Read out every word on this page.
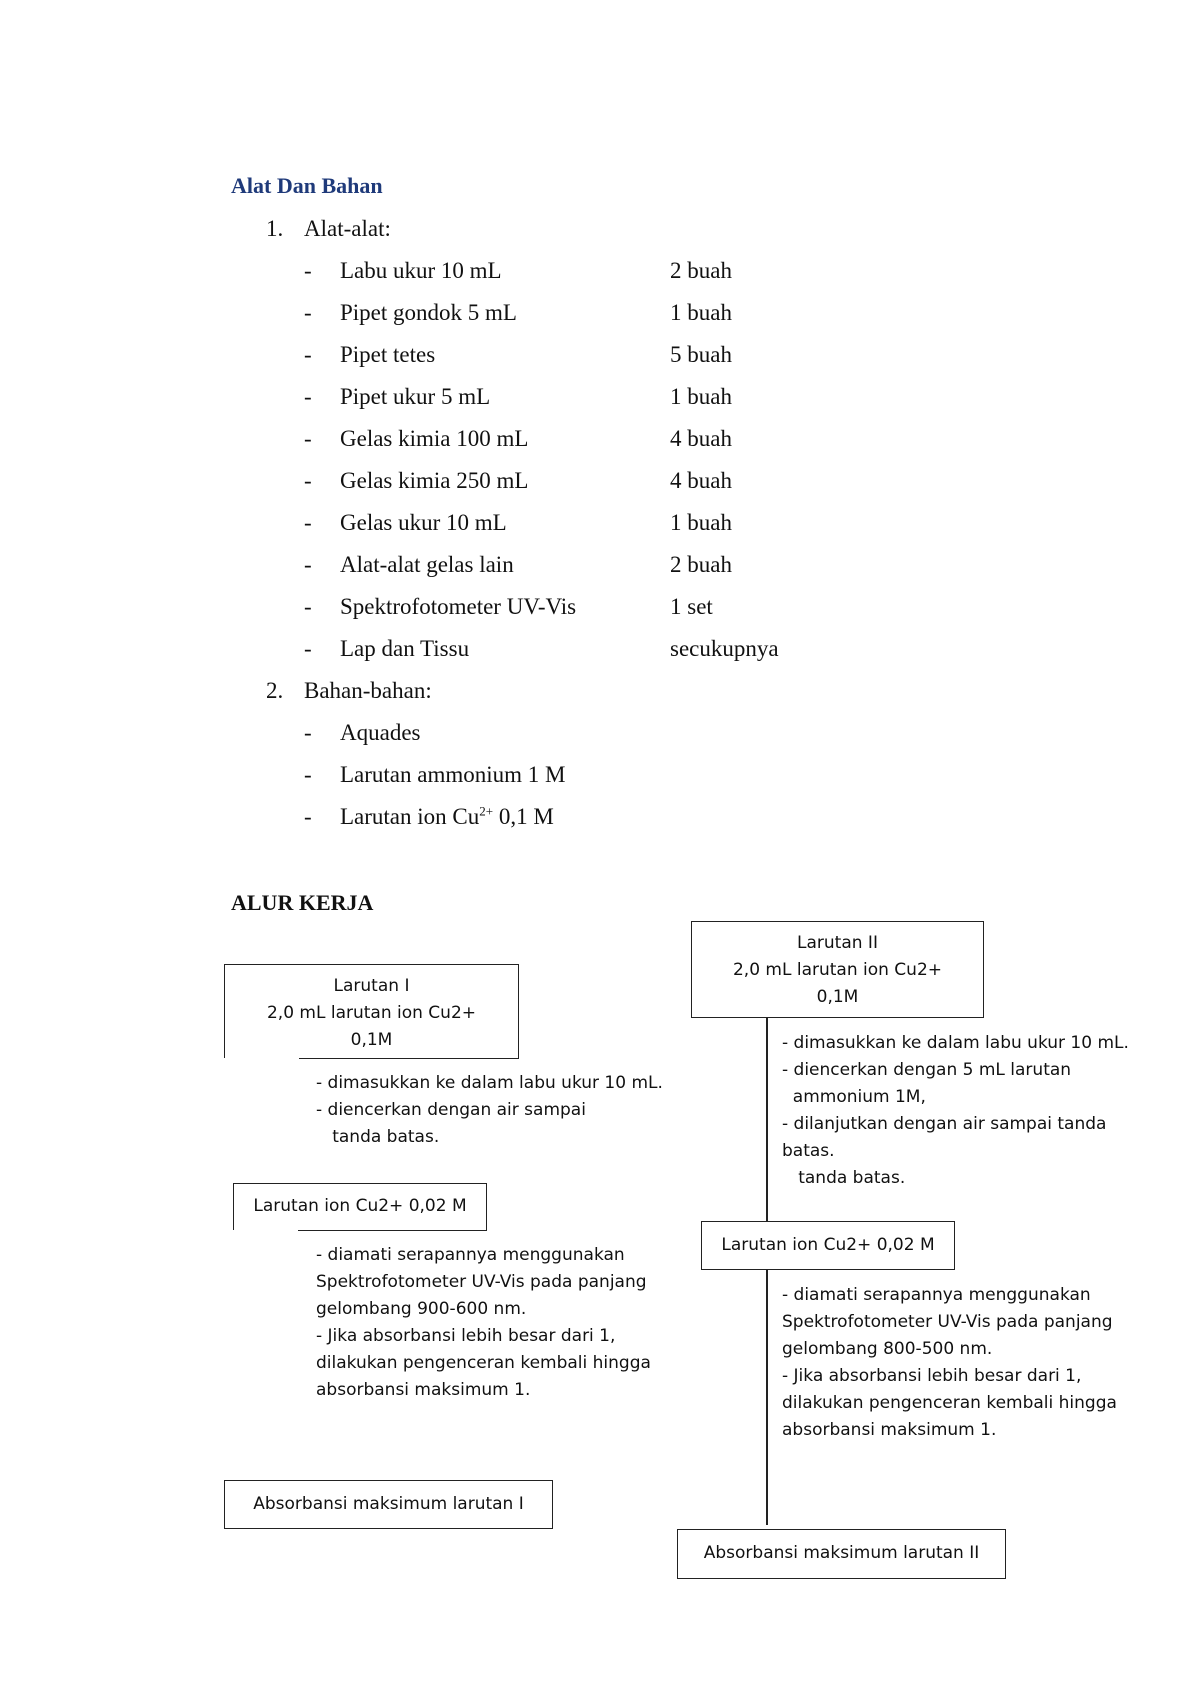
Alat Dan Bahan
1. Alat-alat:
- Labu ukur 10 mL	2 buah
- Pipet gondok 5 mL	1 buah
- Pipet tetes	5 buah
- Pipet ukur 5 mL	1 buah
- Gelas kimia 100 mL	4 buah
- Gelas kimia 250 mL	4 buah
- Gelas ukur 10 mL	1 buah
- Alat-alat gelas lain	2 buah
- Spektrofotometer UV-Vis	1 set
- Lap dan Tissu	secukupnya
2. Bahan-bahan:
- Aquades
- Larutan ammonium 1 M
- Larutan ion $Cu^{2+}$ 0,1 M
ALUR KERJA
Larutan I
2,0 mL larutan ion Cu2+
0,1M
- dimasukkan ke dalam labu ukur 10 mL.
- diencerkan dengan air sampai
tanda batas.
Larutan ion Cu2+ 0,02 M
- diamati serapannya menggunakan
Spektrofotometer UV-Vis pada panjang
gelombang 900-600 nm.
- Jika absorbansi lebih besar dari 1,
dilakukan pengenceran kembali hingga
absorbansi maksimum 1.
Absorbansi maksimum larutan I
Larutan II
2,0 mL larutan ion Cu2+
0,1M
- dimasukkan ke dalam labu ukur 10 mL.
- diencerkan dengan 5 mL larutan
ammonium 1M,
- dilanjutkan dengan air sampai tanda
batas.
tanda batas.
Larutan ion Cu2+ 0,02 M
- diamati serapannya menggunakan
Spektrofotometer UV-Vis pada panjang
gelombang 800-500 nm.
- Jika absorbansi lebih besar dari 1,
dilakukan pengenceran kembali hingga
absorbansi maksimum 1.
Absorbansi maksimum larutan II
